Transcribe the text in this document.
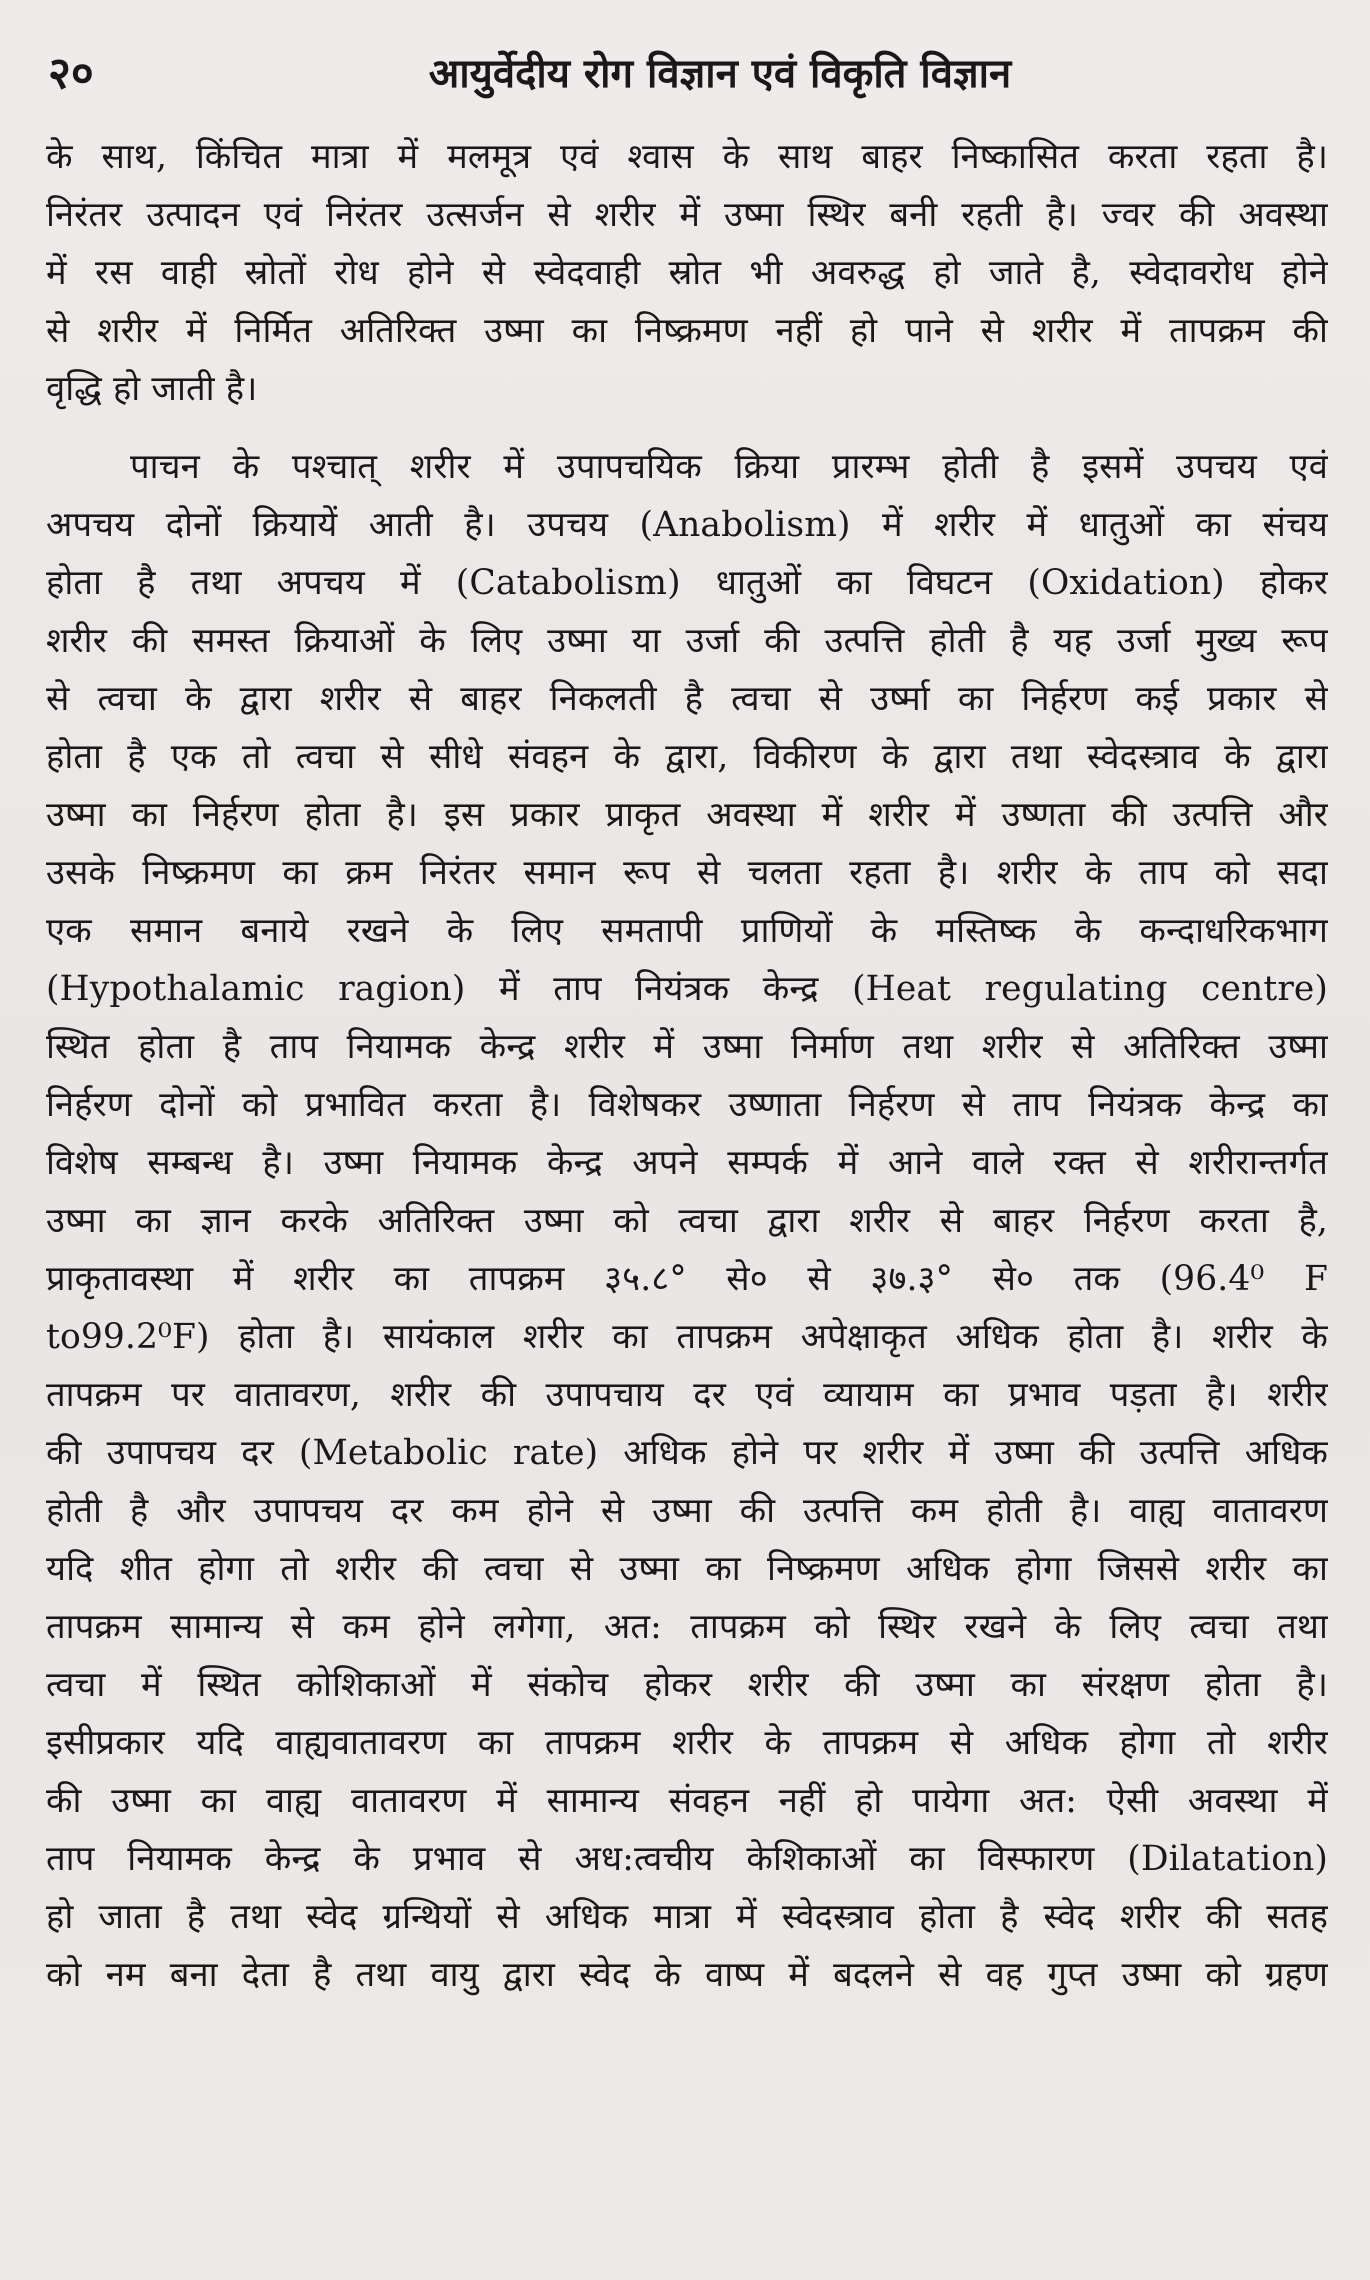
२०	आयुर्वेदीय रोग विज्ञान एवं विकृति विज्ञान
के साथ, किंचित मात्रा में मलमूत्र एवं श्वास के साथ बाहर निष्कासित करता रहता है।
निरंतर उत्पादन एवं निरंतर उत्सर्जन से शरीर में उष्मा स्थिर बनी रहती है। ज्वर की अवस्था
में रस वाही स्रोतों रोध होने से स्वेदवाही स्रोत भी अवरुद्ध हो जाते है, स्वेदावरोध होने
से शरीर में निर्मित अतिरिक्त उष्मा का निष्क्रमण नहीं हो पाने से शरीर में तापक्रम की
वृद्धि हो जाती है।
पाचन के पश्चात् शरीर में उपापचयिक क्रिया प्रारम्भ होती है इसमें उपचय एवं
अपचय दोनों क्रियायें आती है। उपचय (Anabolism) में शरीर में धातुओं का संचय
होता है तथा अपचय में (Catabolism) धातुओं का विघटन (Oxidation) होकर
शरीर की समस्त क्रियाओं के लिए उष्मा या उर्जा की उत्पत्ति होती है यह उर्जा मुख्य रूप
से त्वचा के द्वारा शरीर से बाहर निकलती है त्वचा से उर्ष्मा का निर्हरण कई प्रकार से
होता है एक तो त्वचा से सीधे संवहन के द्वारा, विकीरण के द्वारा तथा स्वेदस्त्राव के द्वारा
उष्मा का निर्हरण होता है। इस प्रकार प्राकृत अवस्था में शरीर में उष्णता की उत्पत्ति और
उसके निष्क्रमण का क्रम निरंतर समान रूप से चलता रहता है। शरीर के ताप को सदा
एक समान बनाये रखने के लिए समतापी प्राणियों के मस्तिष्क के कन्दाधरिकभाग
(Hypothalamic ragion) में ताप नियंत्रक केन्द्र (Heat regulating centre)
स्थित होता है ताप नियामक केन्द्र शरीर में उष्मा निर्माण तथा शरीर से अतिरिक्त उष्मा
निर्हरण दोनों को प्रभावित करता है। विशेषकर उष्णाता निर्हरण से ताप नियंत्रक केन्द्र का
विशेष सम्बन्ध है। उष्मा नियामक केन्द्र अपने सम्पर्क में आने वाले रक्त से शरीरान्तर्गत
उष्मा का ज्ञान करके अतिरिक्त उष्मा को त्वचा द्वारा शरीर से बाहर निर्हरण करता है,
प्राकृतावस्था में शरीर का तापक्रम ३५.८° से० से ३७.३° से० तक (96.4⁰ F
to99.2⁰F) होता है। सायंकाल शरीर का तापक्रम अपेक्षाकृत अधिक होता है। शरीर के
तापक्रम पर वातावरण, शरीर की उपापचाय दर एवं व्यायाम का प्रभाव पड़ता है। शरीर
की उपापचय दर (Metabolic rate) अधिक होने पर शरीर में उष्मा की उत्पत्ति अधिक
होती है और उपापचय दर कम होने से उष्मा की उत्पत्ति कम होती है। वाह्य वातावरण
यदि शीत होगा तो शरीर की त्वचा से उष्मा का निष्क्रमण अधिक होगा जिससे शरीर का
तापक्रम सामान्य से कम होने लगेगा, अत: तापक्रम को स्थिर रखने के लिए त्वचा तथा
त्वचा में स्थित कोशिकाओं में संकोच होकर शरीर की उष्मा का संरक्षण होता है।
इसीप्रकार यदि वाह्यवातावरण का तापक्रम शरीर के तापक्रम से अधिक होगा तो शरीर
की उष्मा का वाह्य वातावरण में सामान्य संवहन नहीं हो पायेगा अत: ऐसी अवस्था में
ताप नियामक केन्द्र के प्रभाव से अध:त्वचीय केशिकाओं का विस्फारण (Dilatation)
हो जाता है तथा स्वेद ग्रन्थियों से अधिक मात्रा में स्वेदस्त्राव होता है स्वेद शरीर की सतह
को नम बना देता है तथा वायु द्वारा स्वेद के वाष्प में बदलने से वह गुप्त उष्मा को ग्रहण
